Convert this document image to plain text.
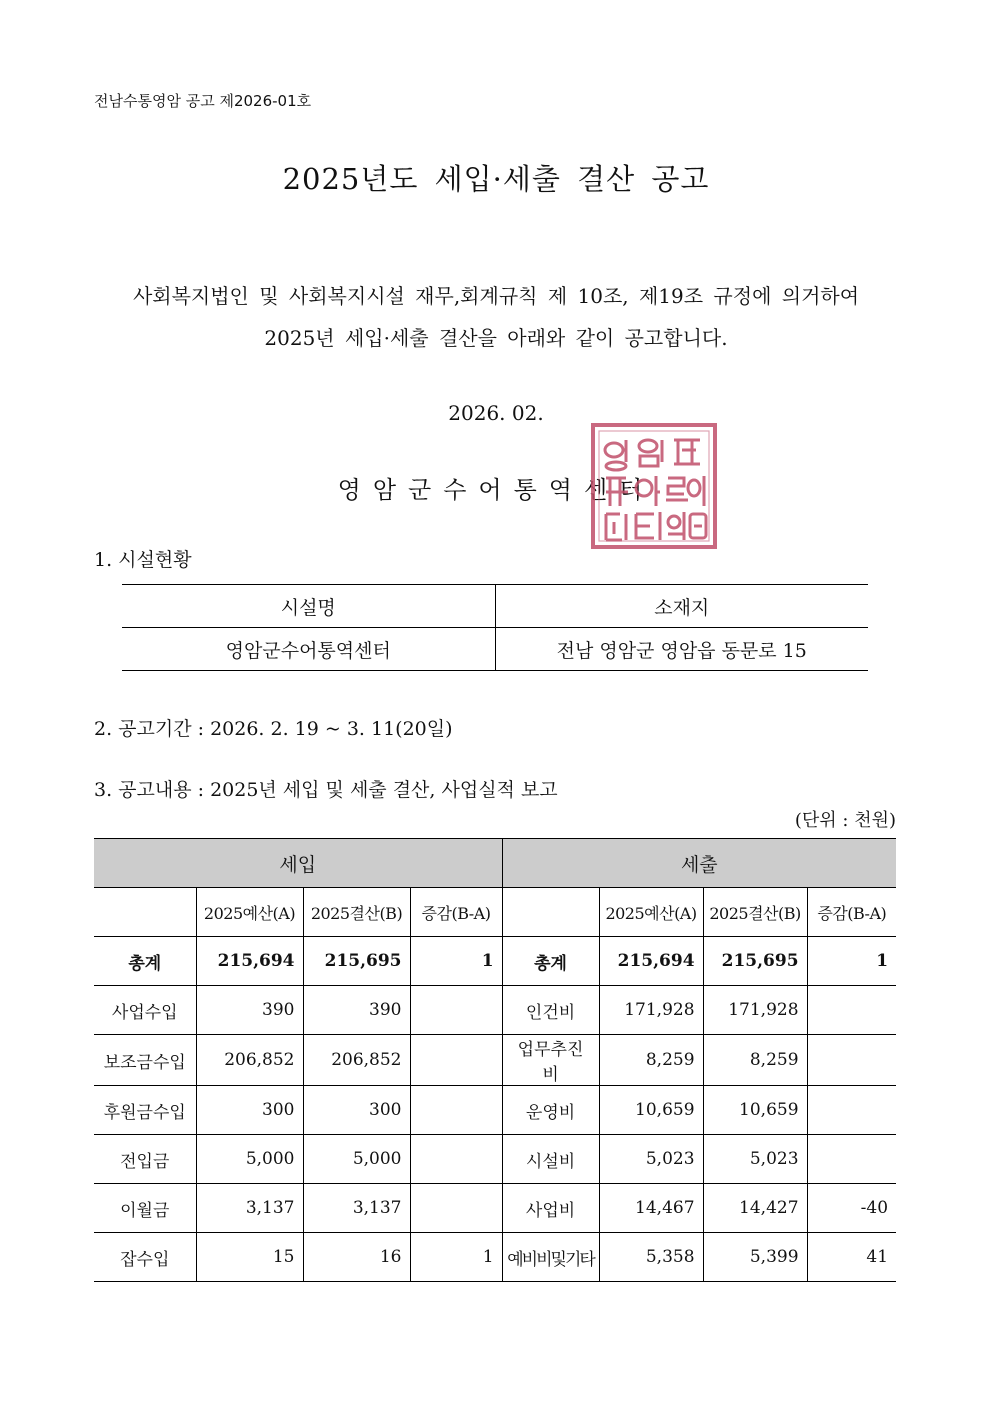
전남수통영암 공고 제2026-01호
2025년도 세입·세출 결산 공고
사회복지법인 및 사회복지시설 재무,회계규칙 제 10조, 제19조 규정에 의거하여
2025년 세입·세출 결산을 아래와 같이 공고합니다.
2026. 02.
영암군수어통역센터
1. 시설현황
시설명	소재지
영암군수어통역센터	전남 영암군 영암읍 동문로 15
2. 공고기간 : 2026. 2. 19 ~ 3. 11(20일)
3. 공고내용 : 2025년 세입 및 세출 결산, 사업실적 보고
(단위 : 천원)
세입				세출			
	2025예산(A)	2025결산(B)	증감(B-A)		2025예산(A)	2025결산(B)	증감(B-A)
총계	215,694	215,695	1	총계	215,694	215,695	1
사업수입	390	390		인건비	171,928	171,928	
보조금수입	206,852	206,852		업무추진비	8,259	8,259	
후원금수입	300	300		운영비	10,659	10,659	
전입금	5,000	5,000		시설비	5,023	5,023	
이월금	3,137	3,137		사업비	14,467	14,427	-40
잡수입	15	16	1	예비비및기타	5,358	5,399	41
